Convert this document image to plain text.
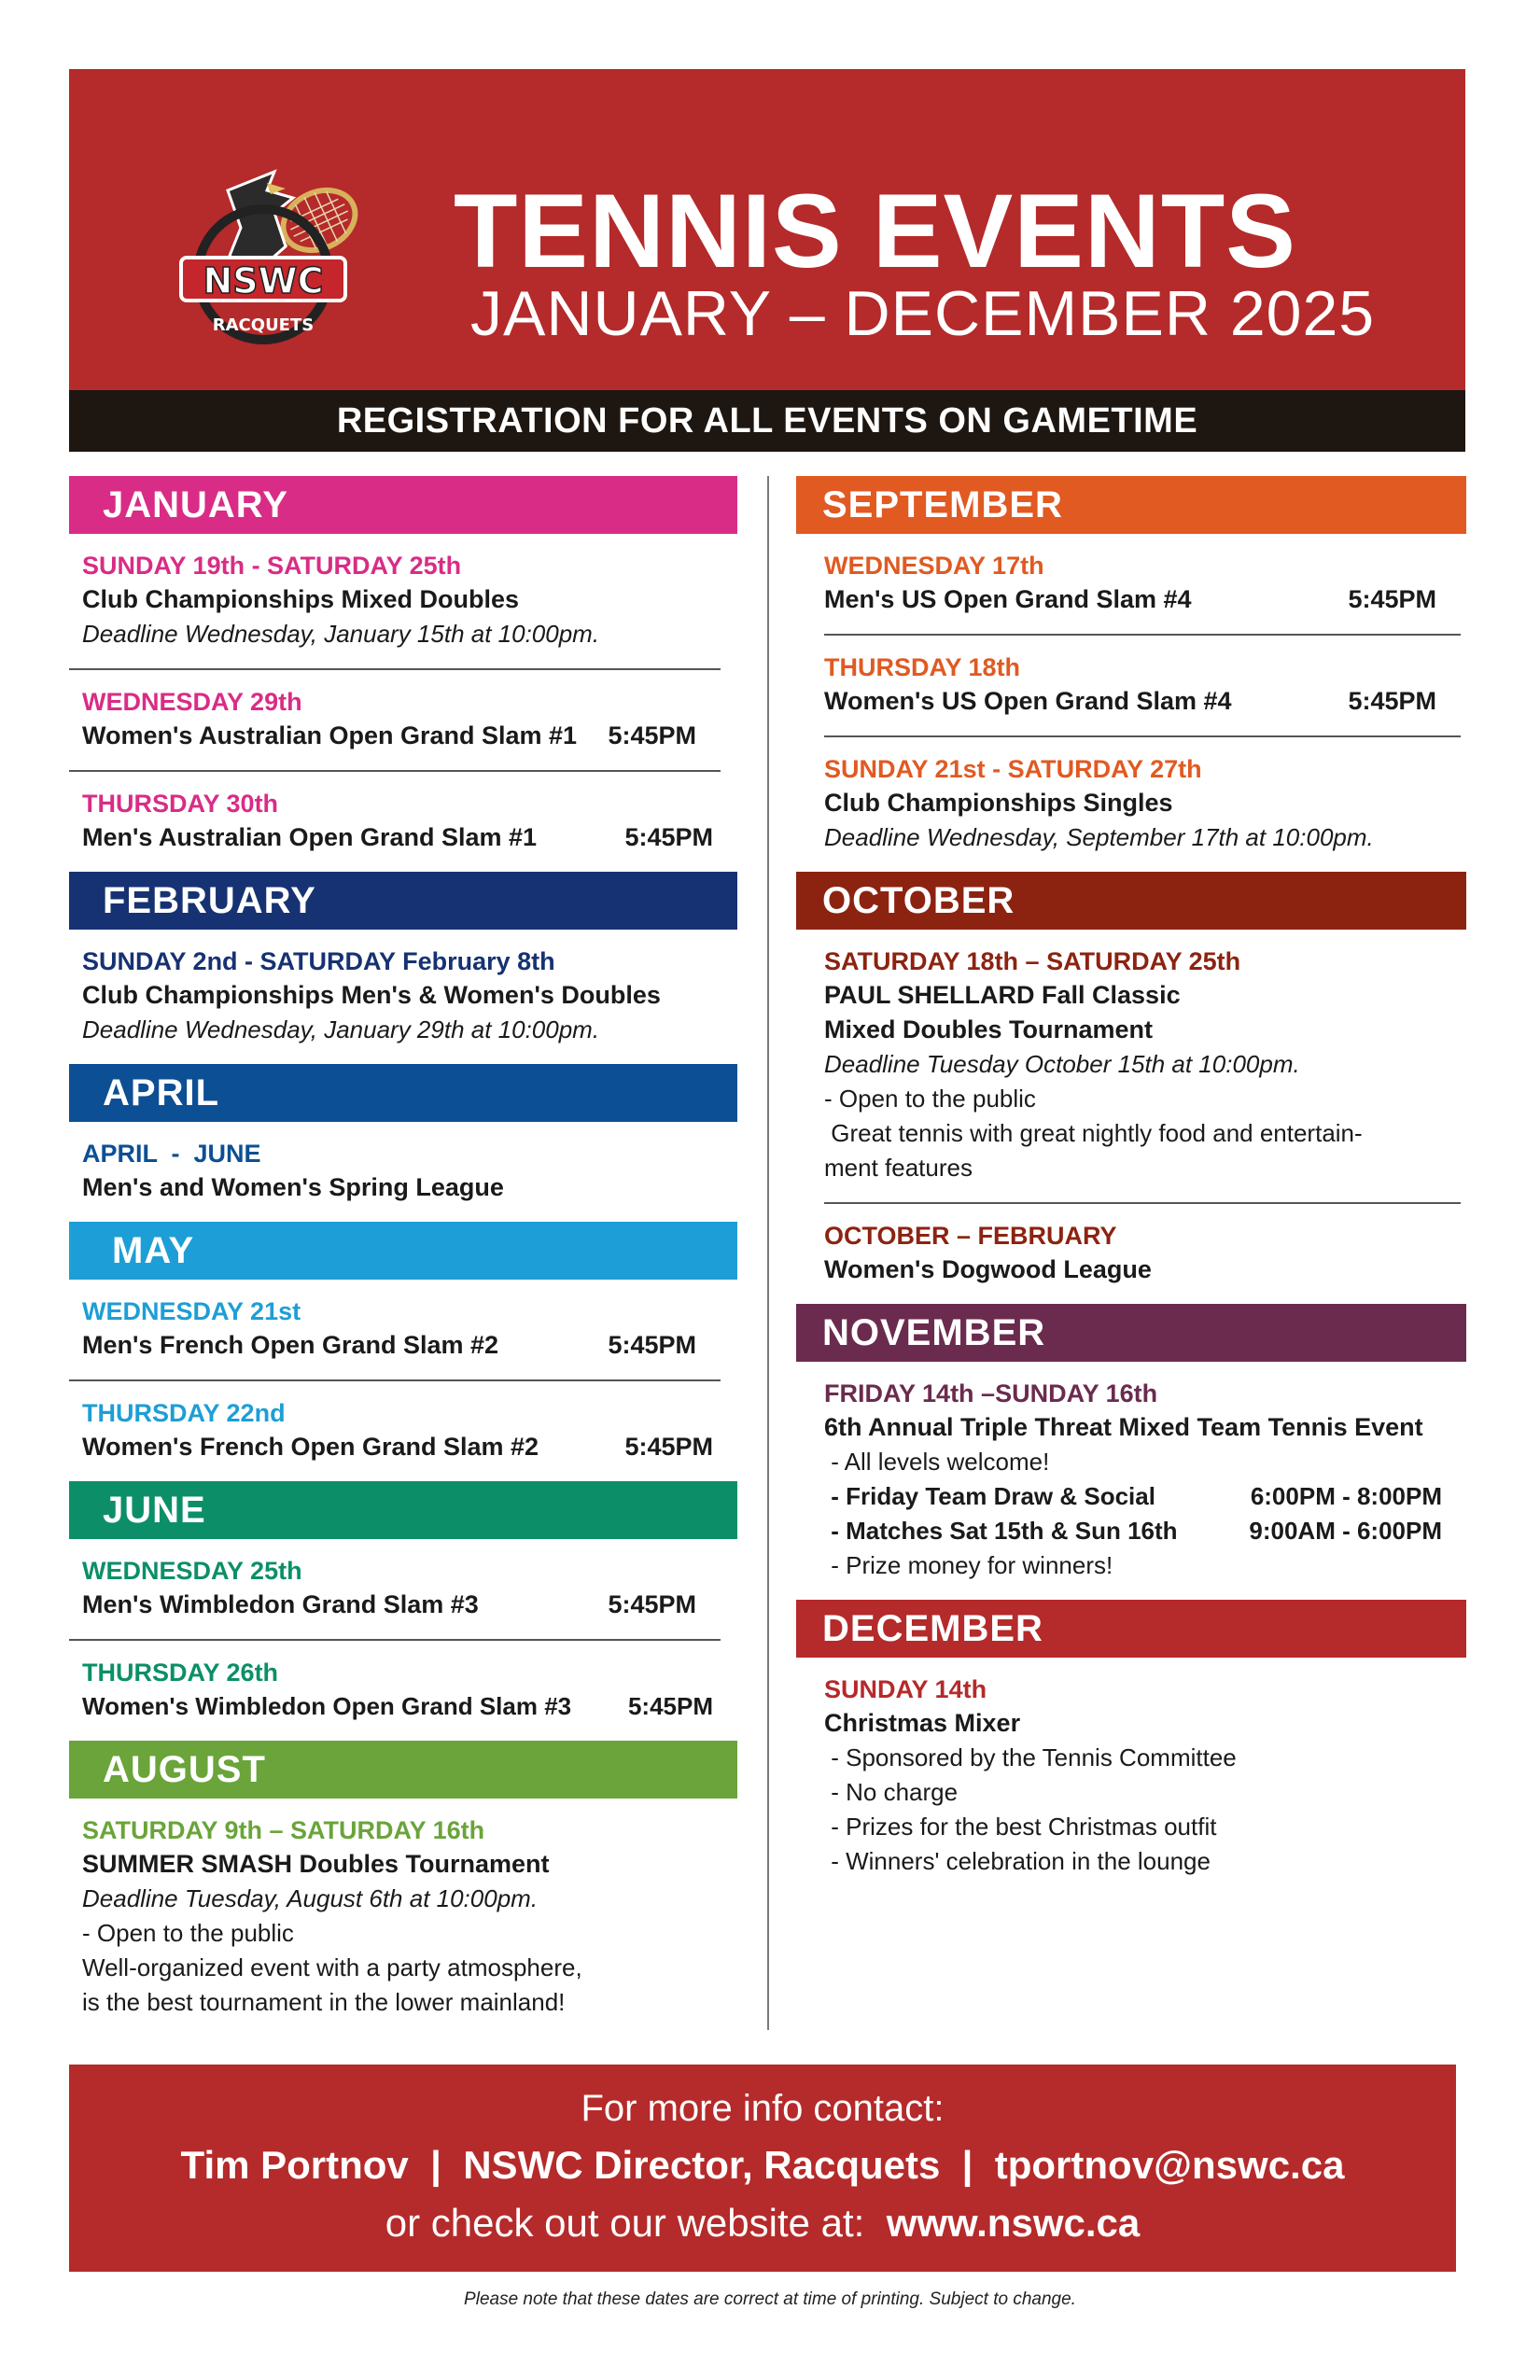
NSWC
RACQUETS
TENNIS EVENTS
JANUARY – DECEMBER 2025
REGISTRATION FOR ALL EVENTS ON GAMETIME
JANUARY
SUNDAY 19th - SATURDAY 25th
Club Championships Mixed Doubles
Deadline Wednesday, January 15th at 10:00pm.
WEDNESDAY 29th
Women's Australian Open Grand Slam #1	5:45PM
THURSDAY 30th
Men's Australian Open Grand Slam #1	5:45PM
FEBRUARY
SUNDAY 2nd - SATURDAY February 8th
Club Championships Men's & Women's Doubles
Deadline Wednesday, January 29th at 10:00pm.
APRIL
APRIL  -  JUNE
Men's and Women's Spring League
MAY
WEDNESDAY 21st
Men's French Open Grand Slam #2	5:45PM
THURSDAY 22nd
Women's French Open Grand Slam #2	5:45PM
JUNE
WEDNESDAY 25th
Men's Wimbledon Grand Slam #3	5:45PM
THURSDAY 26th
Women's Wimbledon Open Grand Slam #3	5:45PM
AUGUST
SATURDAY 9th – SATURDAY 16th
SUMMER SMASH Doubles Tournament
Deadline Tuesday, August 6th at 10:00pm.
- Open to the public
Well-organized event with a party atmosphere,
is the best tournament in the lower mainland!
SEPTEMBER
WEDNESDAY 17th
Men's US Open Grand Slam #4	5:45PM
THURSDAY 18th
Women's US Open Grand Slam #4	5:45PM
SUNDAY 21st - SATURDAY 27th
Club Championships Singles
Deadline Wednesday, September 17th at 10:00pm.
OCTOBER
SATURDAY 18th – SATURDAY 25th
PAUL SHELLARD Fall Classic
Mixed Doubles Tournament
Deadline Tuesday October 15th at 10:00pm.
- Open to the public
Great tennis with great nightly food and entertain-
ment features
OCTOBER – FEBRUARY
Women's Dogwood League
NOVEMBER
FRIDAY 14th –SUNDAY 16th
6th Annual Triple Threat Mixed Team Tennis Event
- All levels welcome!
- Friday Team Draw & Social	6:00PM - 8:00PM
- Matches Sat 15th & Sun 16th	9:00AM - 6:00PM
- Prize money for winners!
DECEMBER
SUNDAY 14th
Christmas Mixer
- Sponsored by the Tennis Committee
- No charge
- Prizes for the best Christmas outfit
- Winners' celebration in the lounge
For more info contact:
Tim Portnov  |  NSWC Director, Racquets  |  tportnov@nswc.ca
or check out our website at:  www.nswc.ca
Please note that these dates are correct at time of printing. Subject to change.
